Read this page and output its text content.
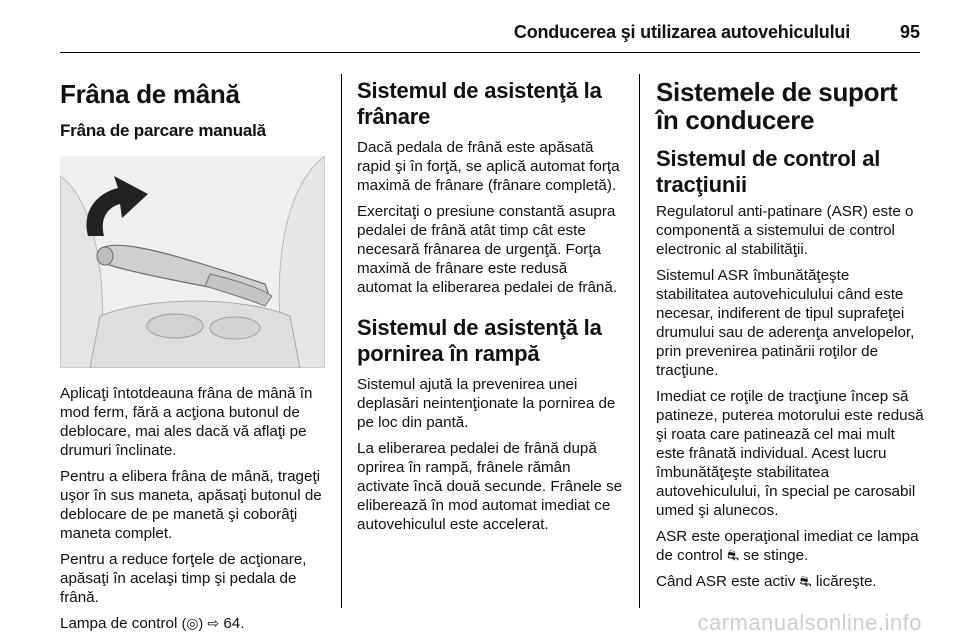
Conducerea şi utilizarea autovehiculului	95
Frâna de mână
Frâna de parcare manuală

Aplicaţi întotdeauna frâna de mână în mod ferm, fără a acţiona butonul de deblocare, mai ales dacă vă aflaţi pe drumuri înclinate.

Pentru a elibera frâna de mână, trageţi uşor în sus maneta, apăsaţi butonul de deblocare de pe manetă şi coborâţi maneta complet.

Pentru a reduce forţele de acţionare, apăsaţi în acelaşi timp şi pedala de frână.

Lampa de control (◎) ⇨ 64.

Sistemul de asistenţă la frânare

Dacă pedala de frână este apăsată rapid şi în forţă, se aplică automat forţa maximă de frânare (frânare completă).

Exercitaţi o presiune constantă asupra pedalei de frână atât timp cât este necesară frânarea de urgenţă. Forţa maximă de frânare este redusă automat la eliberarea pedalei de frână.

Sistemul de asistenţă la pornirea în rampă

Sistemul ajută la prevenirea unei deplasări neintenţionate la pornirea de pe loc din pantă.

La eliberarea pedalei de frână după oprirea în rampă, frânele rămân activate încă două secunde. Frânele se eliberează în mod automat imediat ce autovehiculul este accelerat.

Sistemele de suport în conducere
Sistemul de control al tracţiunii

Regulatorul anti-patinare (ASR) este o componentă a sistemului de control electronic al stabilităţii.

Sistemul ASR îmbunătăţeşte stabilitatea autovehiculului când este necesar, indiferent de tipul suprafeţei drumului sau de aderenţa anvelopelor, prin prevenirea patinării roţilor de tracţiune.

Imediat ce roţile de tracţiune încep să patineze, puterea motorului este redusă şi roata care patinează cel mai mult este frânată individual. Acest lucru îmbunătăţeşte stabilitatea autovehiculului, în special pe carosabil umed şi alunecos.

ASR este operaţional imediat ce lampa de control ⛐ se stinge.

Când ASR este activ ⛐ licăreşte.

carmanualsonline.info
